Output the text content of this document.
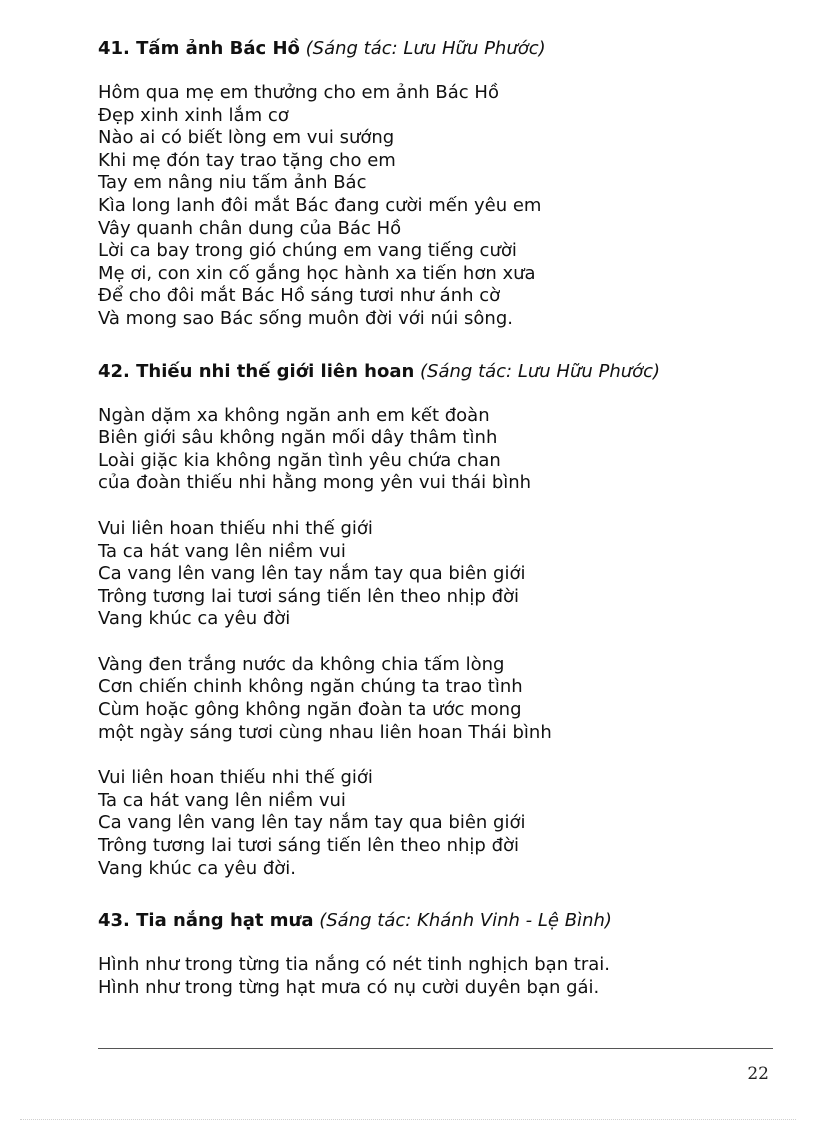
41. Tấm ảnh Bác Hồ (Sáng tác: Lưu Hữu Phước)
Hôm qua mẹ em thưởng cho em ảnh Bác Hồ
Đẹp xinh xinh lắm cơ
Nào ai có biết lòng em vui sướng
Khi mẹ đón tay trao tặng cho em
Tay em nâng niu tấm ảnh Bác
Kìa long lanh đôi mắt Bác đang cười mến yêu em
Vây quanh chân dung của Bác Hồ
Lời ca bay trong gió chúng em vang tiếng cười
Mẹ ơi, con xin cố gắng học hành xa tiến hơn xưa
Để cho đôi mắt Bác Hồ sáng tươi như ánh cờ
Và mong sao Bác sống muôn đời với núi sông.
42. Thiếu nhi thế giới liên hoan (Sáng tác: Lưu Hữu Phước)
Ngàn dặm xa không ngăn anh em kết đoàn
Biên giới sâu không ngăn mối dây thâm tình
Loài giặc kia không ngăn tình yêu chứa chan
của đoàn thiếu nhi hằng mong yên vui thái bình
Vui liên hoan thiếu nhi thế giới
Ta ca hát vang lên niềm vui
Ca vang lên vang lên tay nắm tay qua biên giới
Trông tương lai tươi sáng tiến lên theo nhịp đời
Vang khúc ca yêu đời
Vàng đen trắng nước da không chia tấm lòng
Cơn chiến chinh không ngăn chúng ta trao tình
Cùm hoặc gông không ngăn đoàn ta ước mong
một ngày sáng tươi cùng nhau liên hoan Thái bình
Vui liên hoan thiếu nhi thế giới
Ta ca hát vang lên niềm vui
Ca vang lên vang lên tay nắm tay qua biên giới
Trông tương lai tươi sáng tiến lên theo nhịp đời
Vang khúc ca yêu đời.
43. Tia nắng hạt mưa (Sáng tác: Khánh Vinh - Lệ Bình)
Hình như trong từng tia nắng có nét tinh nghịch bạn trai.
Hình như trong từng hạt mưa có nụ cười duyên bạn gái.
22
